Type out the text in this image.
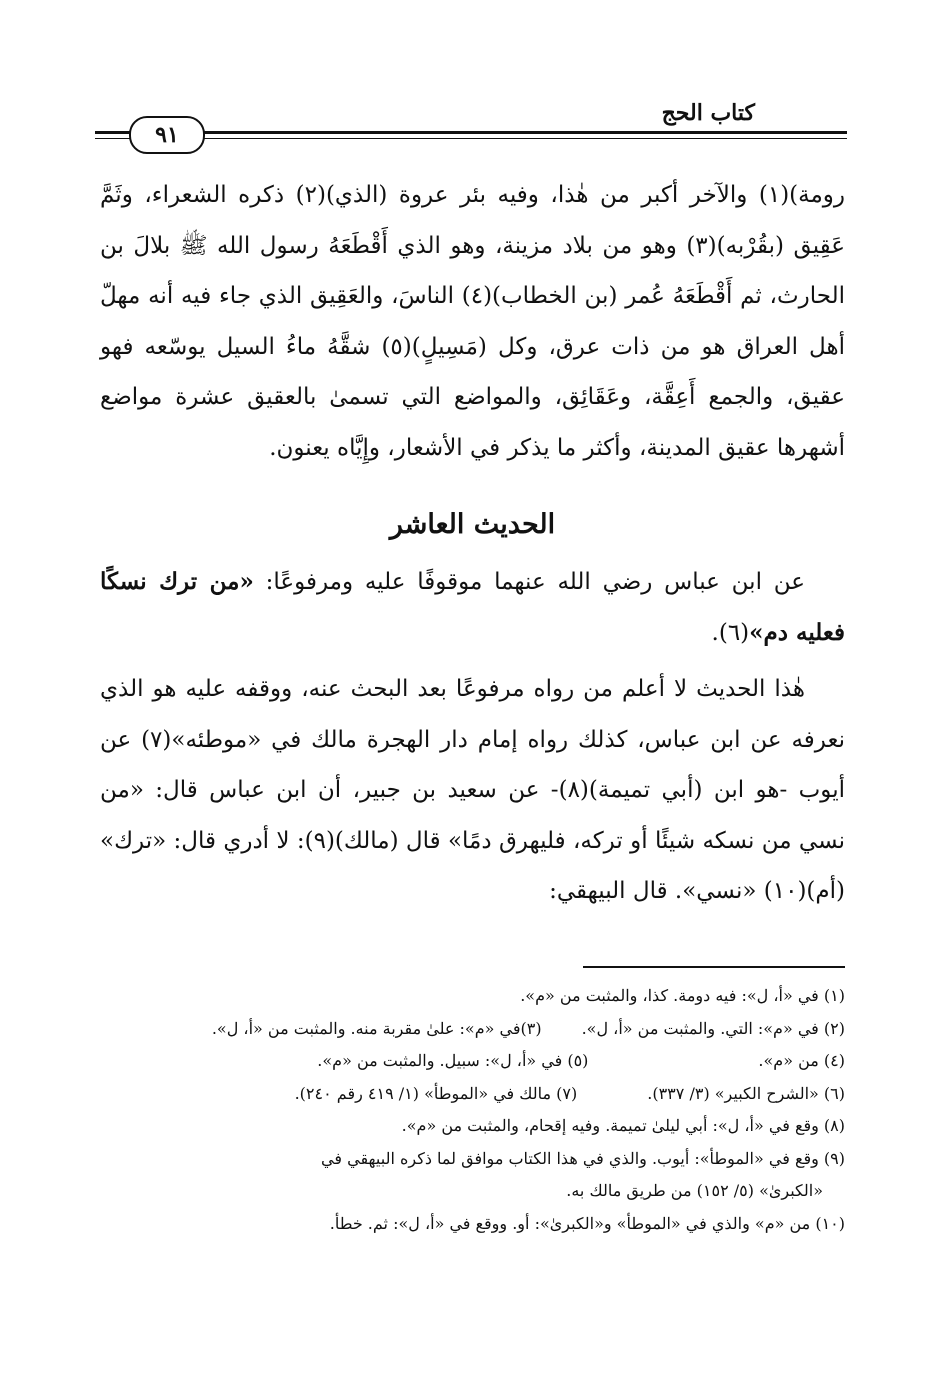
كتاب الحج
٩١

رومة)(١) والآخر أكبر من هٰذا، وفيه بئر عروة (الذي)(٢) ذكره الشعراء، وثَمَّ عَقِيق (بقُرْبه)(٣) وهو من بلاد مزينة، وهو الذي أَقْطَعَهُ رسول الله ﷺ بلالَ بن الحارث، ثم أَقْطَعَهُ عُمر (بن الخطاب)(٤) الناسَ، والعَقِيق الذي جاء فيه أنه مهلّ أهل العراق هو من ذات عرق، وكل (مَسِيلٍ)(٥) شقَّهُ ماءُ السيل يوسّعه فهو عقيق، والجمع أَعِقَّة، وعَقَائِق، والمواضع التي تسمىٰ بالعقيق عشرة مواضع أشهرها عقيق المدينة، وأكثر ما يذكر في الأشعار، وإِيَّاه يعنون.

الحديث العاشر

عن ابن عباس رضي الله عنهما موقوفًا عليه ومرفوعًا: «من ترك نسكًا فعليه دم»(٦).

هٰذا الحديث لا أعلم من رواه مرفوعًا بعد البحث عنه، ووقفه عليه هو الذي نعرفه عن ابن عباس، كذلك رواه إمام دار الهجرة مالك في «موطئه»(٧) عن أيوب -هو ابن (أبي تميمة)(٨)- عن سعيد بن جبير، أن ابن عباس قال: «من نسي من نسكه شيئًا أو تركه، فليهرق دمًا» قال (مالك)(٩): لا أدري قال: «ترك» (أم)(١٠) «نسي». قال البيهقي:

(١) في «أ، ل»: فيه دومة. كذا، والمثبت من «م».
(٢) في «م»: التي. والمثبت من «أ، ل».(٣)في «م»: علىٰ مقربة منه. والمثبت من «أ، ل».
(٤) من «م».(٥) في «أ، ل»: سبيل. والمثبت من «م».
(٦) «الشرح الكبير» (٣/ ٣٣٧).(٧) مالك في «الموطأ» (١/ ٤١٩ رقم ٢٤٠).
(٨) وقع في «أ، ل»: أبي ليلىٰ تميمة. وفيه إقحام، والمثبت من «م».
(٩) وقع في «الموطأ»: أيوب. والذي في هذا الكتاب موافق لما ذكره البيهقي في
«الكبرىٰ» (٥/ ١٥٢) من طريق مالك به.
(١٠) من «م» والذي في «الموطأ» و«الكبرىٰ»: أو. ووقع في «أ، ل»: ثم. خطأ.
